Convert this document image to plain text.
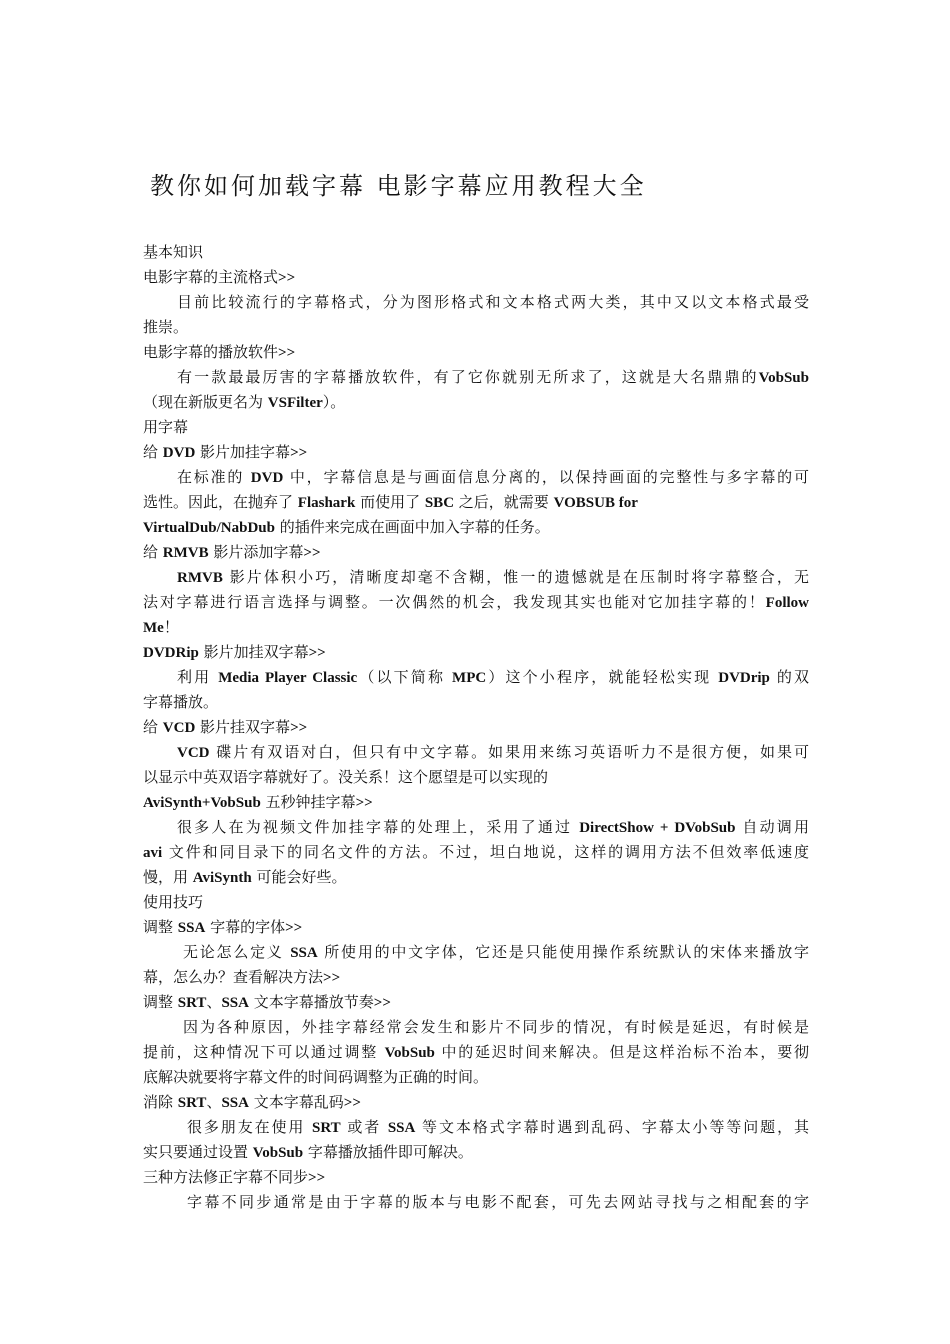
教你如何加载字幕 电影字幕应用教程大全
基本知识
电影字幕的主流格式>>
目前比较流行的字幕格式，分为图形格式和文本格式两大类，其中又以文本格式最受
推崇。
电影字幕的播放软件>>
有一款最最厉害的字幕播放软件，有了它你就别无所求了，这就是大名鼎鼎的VobSub
（现在新版更名为 VSFilter）。
用字幕
给 DVD 影片加挂字幕>>
在标准的 DVD 中，字幕信息是与画面信息分离的，以保持画面的完整性与多字幕的可
选性。因此，在抛弃了 Flashark 而使用了 SBC 之后，就需要 VOBSUB for
VirtualDub/NabDub 的插件来完成在画面中加入字幕的任务。
给 RMVB 影片添加字幕>>
RMVB 影片体积小巧，清晰度却毫不含糊，惟一的遗憾就是在压制时将字幕整合，无
法对字幕进行语言选择与调整。一次偶然的机会，我发现其实也能对它加挂字幕的！Follow
Me！
DVDRip 影片加挂双字幕>>
利用 Media Player Classic（以下简称 MPC）这个小程序，就能轻松实现 DVDrip 的双
字幕播放。
给 VCD 影片挂双字幕>>
VCD 碟片有双语对白，但只有中文字幕。如果用来练习英语听力不是很方便，如果可
以显示中英双语字幕就好了。没关系！这个愿望是可以实现的
AviSynth+VobSub 五秒钟挂字幕>>
很多人在为视频文件加挂字幕的处理上，采用了通过 DirectShow + DVobSub 自动调用
avi 文件和同目录下的同名文件的方法。不过，坦白地说，这样的调用方法不但效率低速度
慢，用 AviSynth 可能会好些。
使用技巧
调整 SSA 字幕的字体>>
无论怎么定义 SSA 所使用的中文字体，它还是只能使用操作系统默认的宋体来播放字
幕，怎么办？查看解决方法>>
调整 SRT、SSA 文本字幕播放节奏>>
因为各种原因，外挂字幕经常会发生和影片不同步的情况，有时候是延迟，有时候是
提前，这种情况下可以通过调整 VobSub 中的延迟时间来解决。但是这样治标不治本，要彻
底解决就要将字幕文件的时间码调整为正确的时间。
消除 SRT、SSA 文本字幕乱码>>
很多朋友在使用 SRT 或者 SSA 等文本格式字幕时遇到乱码、字幕太小等等问题，其
实只要通过设置 VobSub 字幕播放插件即可解决。
三种方法修正字幕不同步>>
字幕不同步通常是由于字幕的版本与电影不配套，可先去网站寻找与之相配套的字
